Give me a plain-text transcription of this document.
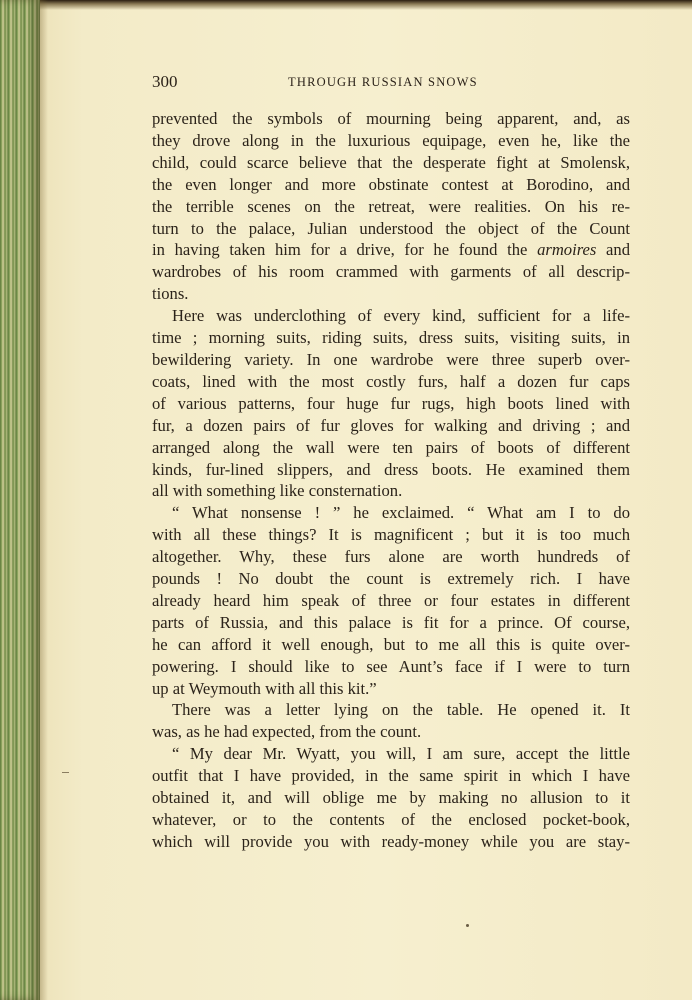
300	THROUGH RUSSIAN SNOWS
prevented the symbols of mourning being apparent, and, as
they drove along in the luxurious equipage, even he, like the
child, could scarce believe that the desperate fight at Smolensk,
the even longer and more obstinate contest at Borodino, and
the terrible scenes on the retreat, were realities. On his re-
turn to the palace, Julian understood the object of the Count
in having taken him for a drive, for he found the armoires and
wardrobes of his room crammed with garments of all descrip-
tions.
Here was underclothing of every kind, sufficient for a life-
time ; morning suits, riding suits, dress suits, visiting suits, in
bewildering variety. In one wardrobe were three superb over-
coats, lined with the most costly furs, half a dozen fur caps
of various patterns, four huge fur rugs, high boots lined with
fur, a dozen pairs of fur gloves for walking and driving ; and
arranged along the wall were ten pairs of boots of different
kinds, fur-lined slippers, and dress boots. He examined them
all with something like consternation.
“ What nonsense ! ” he exclaimed. “ What am I to do
with all these things? It is magnificent ; but it is too much
altogether. Why, these furs alone are worth hundreds of
pounds ! No doubt the count is extremely rich. I have
already heard him speak of three or four estates in different
parts of Russia, and this palace is fit for a prince. Of course,
he can afford it well enough, but to me all this is quite over-
powering. I should like to see Aunt’s face if I were to turn
up at Weymouth with all this kit.”
There was a letter lying on the table. He opened it. It
was, as he had expected, from the count.
“ My dear Mr. Wyatt, you will, I am sure, accept the little
outfit that I have provided, in the same spirit in which I have
obtained it, and will oblige me by making no allusion to it
whatever, or to the contents of the enclosed pocket-book,
which will provide you with ready-money while you are stay-
